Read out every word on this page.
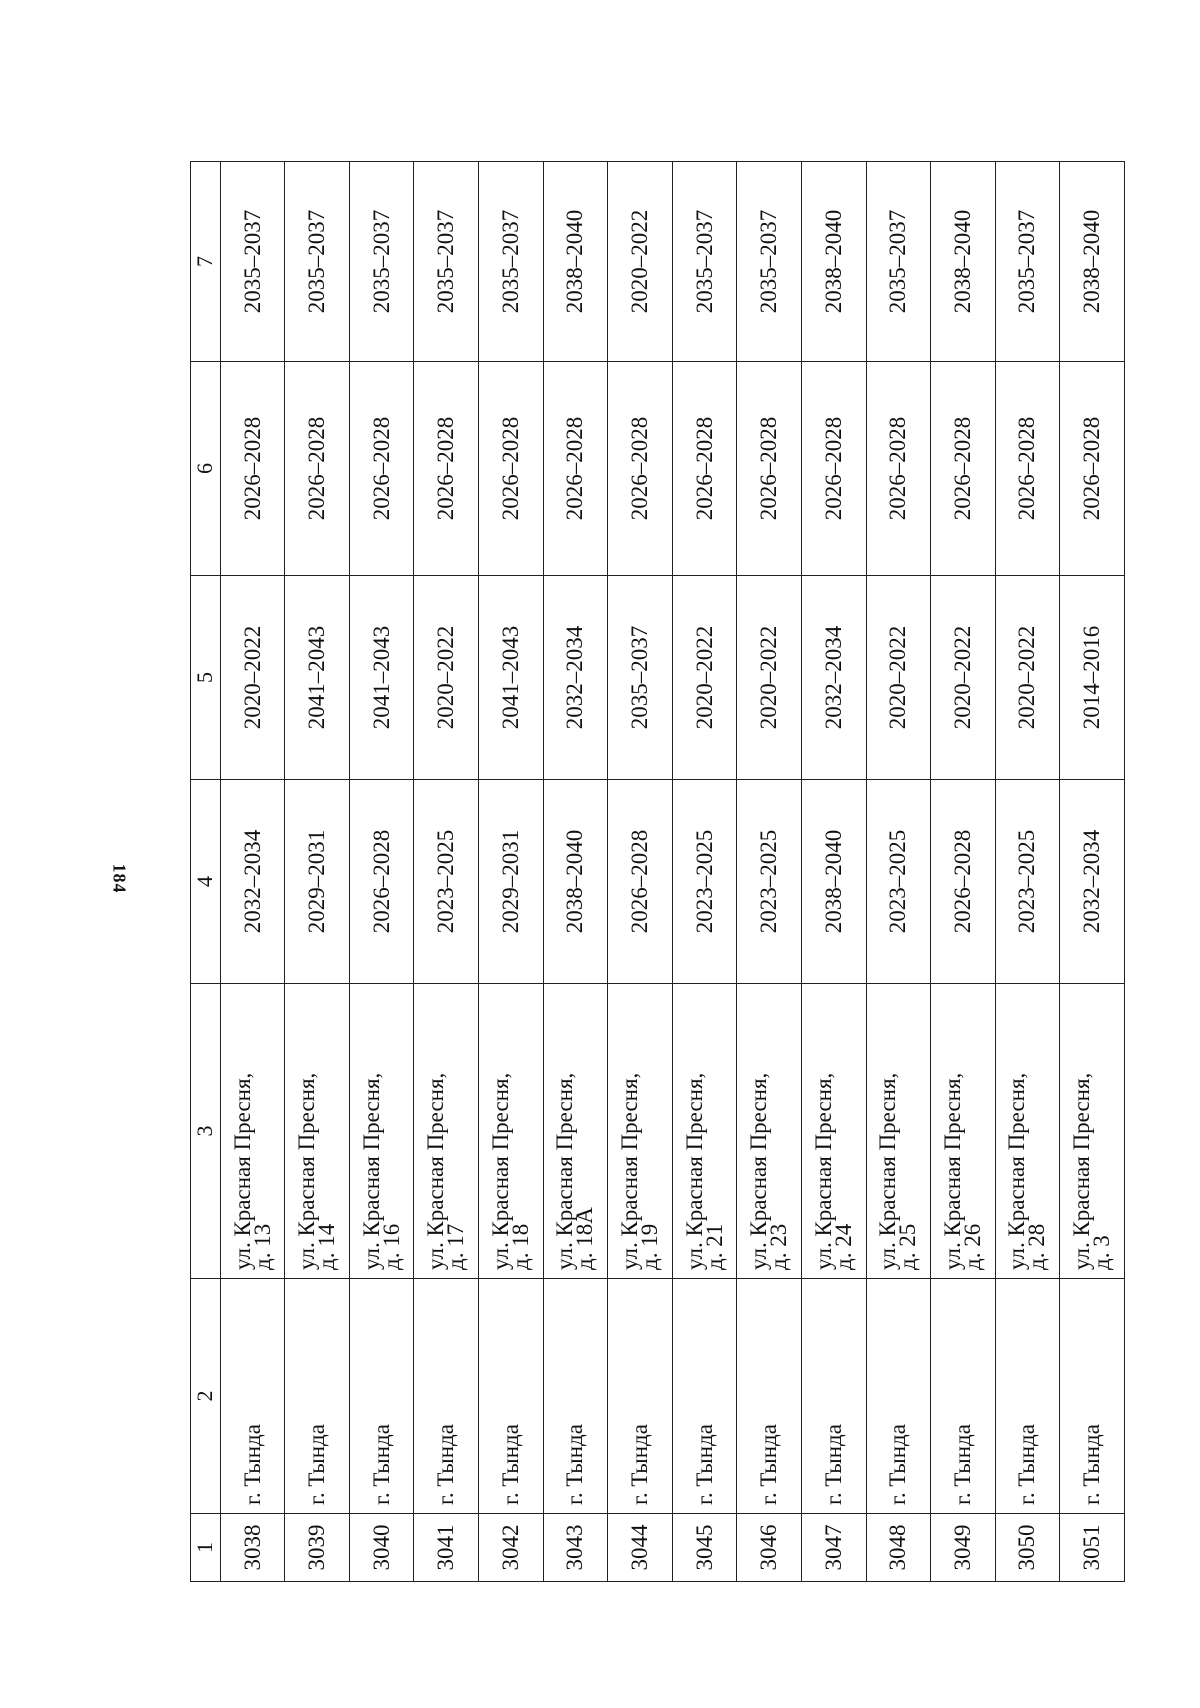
184
1	2	3	4	5	6	7
3038	г. Тында	ул. Красная Пресня,
д. 13	2032–2034	2020–2022	2026–2028	2035–2037
3039	г. Тында	ул. Красная Пресня,
д. 14	2029–2031	2041–2043	2026–2028	2035–2037
3040	г. Тында	ул. Красная Пресня,
д. 16	2026–2028	2041–2043	2026–2028	2035–2037
3041	г. Тында	ул. Красная Пресня,
д. 17	2023–2025	2020–2022	2026–2028	2035–2037
3042	г. Тында	ул. Красная Пресня,
д. 18	2029–2031	2041–2043	2026–2028	2035–2037
3043	г. Тында	ул. Красная Пресня,
д. 18А	2038–2040	2032–2034	2026–2028	2038–2040
3044	г. Тында	ул. Красная Пресня,
д. 19	2026–2028	2035–2037	2026–2028	2020–2022
3045	г. Тында	ул. Красная Пресня,
д. 21	2023–2025	2020–2022	2026–2028	2035–2037
3046	г. Тында	ул. Красная Пресня,
д. 23	2023–2025	2020–2022	2026–2028	2035–2037
3047	г. Тында	ул. Красная Пресня,
д. 24	2038–2040	2032–2034	2026–2028	2038–2040
3048	г. Тында	ул. Красная Пресня,
д. 25	2023–2025	2020–2022	2026–2028	2035–2037
3049	г. Тында	ул. Красная Пресня,
д. 26	2026–2028	2020–2022	2026–2028	2038–2040
3050	г. Тында	ул. Красная Пресня,
д. 28	2023–2025	2020–2022	2026–2028	2035–2037
3051	г. Тында	ул. Красная Пресня,
д. 3	2032–2034	2014–2016	2026–2028	2038–2040
